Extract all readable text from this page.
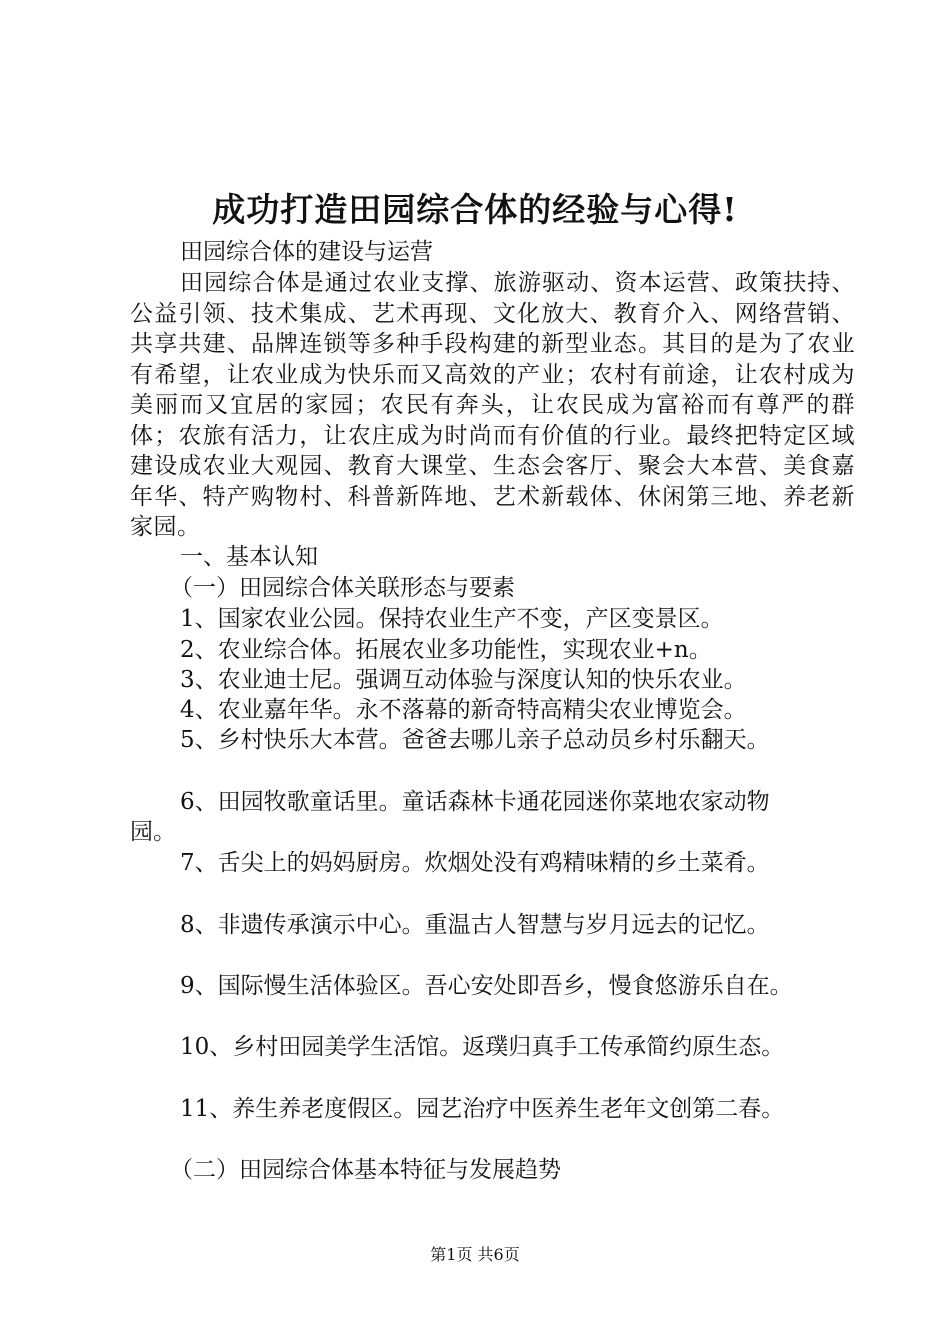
成功打造田园综合体的经验与心得!
田园综合体的建设与运营
田园综合体是通过农业支撑、旅游驱动、资本运营、政策扶持、公益引领、技术集成、艺术再现、文化放大、教育介入、网络营销、共享共建、品牌连锁等多种手段构建的新型业态。其目的是为了农业有希望，让农业成为快乐而又高效的产业；农村有前途，让农村成为美丽而又宜居的家园；农民有奔头，让农民成为富裕而有尊严的群体；农旅有活力，让农庄成为时尚而有价值的行业。最终把特定区域建设成农业大观园、教育大课堂、生态会客厅、聚会大本营、美食嘉年华、特产购物村、科普新阵地、艺术新载体、休闲第三地、养老新家园。
一、基本认知
（一）田园综合体关联形态与要素
1、国家农业公园。保持农业生产不变，产区变景区。
2、农业综合体。拓展农业多功能性，实现农业+n。
3、农业迪士尼。强调互动体验与深度认知的快乐农业。
4、农业嘉年华。永不落幕的新奇特高精尖农业博览会。
5、乡村快乐大本营。爸爸去哪儿亲子总动员乡村乐翻天。
6、田园牧歌童话里。童话森林卡通花园迷你菜地农家动物
园。
7、舌尖上的妈妈厨房。炊烟处没有鸡精味精的乡土菜肴。
8、非遗传承演示中心。重温古人智慧与岁月远去的记忆。
9、国际慢生活体验区。吾心安处即吾乡，慢食悠游乐自在。
10、乡村田园美学生活馆。返璞归真手工传承简约原生态。
11、养生养老度假区。园艺治疗中医养生老年文创第二春。
（二）田园综合体基本特征与发展趋势
第1页 共6页
